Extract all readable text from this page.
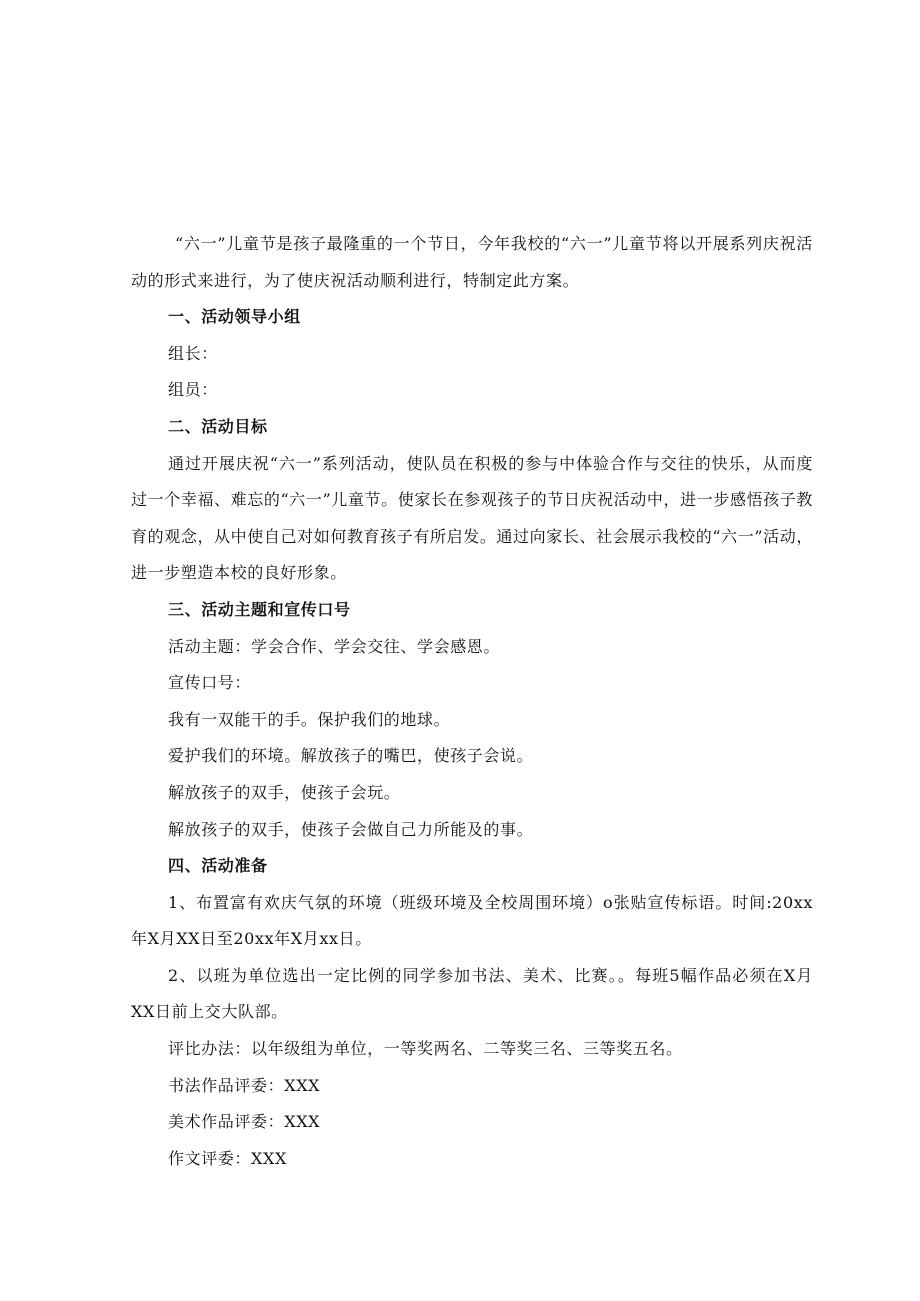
“六一”儿童节是孩子最隆重的一个节日，今年我校的“六一”儿童节将以开展系列庆祝活动的形式来进行，为了使庆祝活动顺利进行，特制定此方案。

一、活动领导小组

组长：

组员：

二、活动目标

通过开展庆祝“六一”系列活动，使队员在积极的参与中体验合作与交往的快乐，从而度过一个幸福、难忘的“六一”儿童节。使家长在参观孩子的节日庆祝活动中，进一步感悟孩子教育的观念，从中使自己对如何教育孩子有所启发。通过向家长、社会展示我校的“六一”活动，进一步塑造本校的良好形象。

三、活动主题和宣传口号

活动主题：学会合作、学会交往、学会感恩。

宣传口号：

我有一双能干的手。保护我们的地球。

爱护我们的环境。解放孩子的嘴巴，使孩子会说。

解放孩子的双手，使孩子会玩。

解放孩子的双手，使孩子会做自己力所能及的事。

四、活动准备

1、布置富有欢庆气氛的环境（班级环境及全校周围环境）o张贴宣传标语。时间:20xx年X月XX日至20xx年X月xx日。

2、以班为单位选出一定比例的同学参加书法、美术、比赛。。每班5幅作品必须在X月XX日前上交大队部。

评比办法：以年级组为单位，一等奖两名、二等奖三名、三等奖五名。

书法作品评委：XXX

美术作品评委：XXX

作文评委：XXX
